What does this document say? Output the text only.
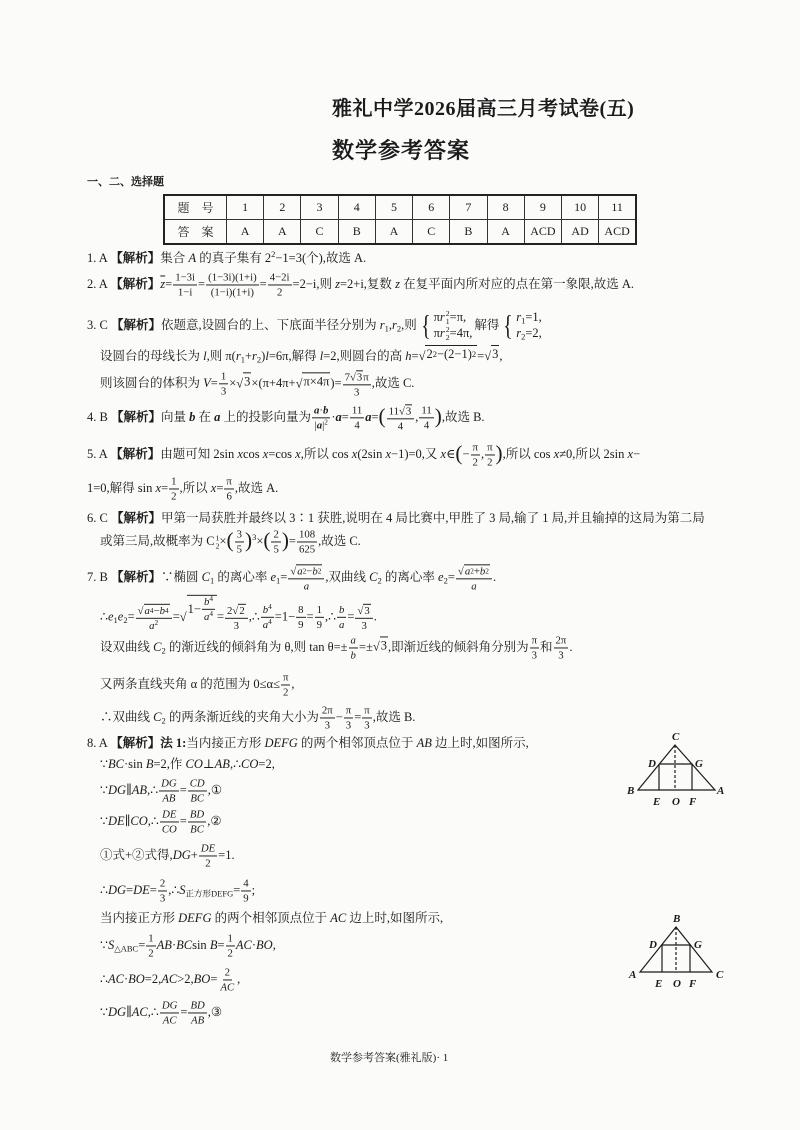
雅礼中学2026届高三月考试卷(五)
数学参考答案
一、二、选择题
题　号	1	2	3	4	5	6	7	8	9	10	11
答　案	A	A	C	B	A	C	B	A	ACD	AD	ACD
1. A 【解析】集合 A 的真子集有 $2^2-1=3$(个),故选 A.
2. A 【解析】$\overline{z}= \frac{1-3i}{1-i} = \frac{(1-3i)(1+i)}{(1-i)(1+i)} = \frac{4-2i}{2} =2-i$,则 z=2+i,复数 z 在复平面内所对应的点在第一象限,故选 A.
3. C 【解析】依题意,设圆台的上、下底面半径分别为 $r_1,r_2$,则
{ πr 2
1 =π,
πr 2
2 =4π,
解得
{ $r_1=1$,
$r_2=2$,
设圆台的母线长为 l,则 $\pi(r_1+r_2)l=6\pi$,解得 l=2,则圆台的高 h= √ 2 2 −(2−1) 2 = √ 3 ,
则该圆台的体积为 $V= \frac{1}{3}$ × √ 3 ×(π+4π+ √ π×4π )= $\frac{7 √ 3 \pi}{3}$ ,故选 C.
4. B 【解析】向量 b 在 a 上的投影向量为 $\frac{a\cdot b}{|a|^2} \cdot a= \frac{11}{4} a=( \frac{11 √ 3}{4}$ , $\frac{11}{4}$ ),故选 B.
5. A 【解析】由题可知 2sin xcos x=cos x,所以 cos x(2sin x−1)=0,又 x∈(− $\frac{\pi}{2}$ , $\frac{\pi}{2}$ ),所以 cos x≠0,所以 2sin x−
1=0,解得 $\sin x= \frac{1}{2}$ ,所以 $x= \frac{\pi}{6}$ ,故选 A.
6. C 【解析】甲第一局获胜并最终以 3∶1 获胜,说明在 4 局比赛中,甲胜了 3 局,输了 1 局,并且输掉的这局为第二局
或第三局,故概率为 C 1
2 ×( $\frac{3}{5} )^3\times( \frac{2}{5}$ )= $\frac{108}{625}$ ,故选 C.
7. B 【解析】∵椭圆 $C_1$ 的离心率 $e_1=$ √ $\frac{a 2 - b 2}{a}$ ,双曲线 $C_2$ 的离心率 $e_2=$ √ $\frac{a 2 + b 2}{a}$ .
$\therefore e_1e_2=$ √ $\frac{a 4 - b 4}{a^2}$ =
√
$1- \frac{b^4}{a^4} = \frac{2 √ 2}{3}$ ,∴ $\frac{b^4}{a^4} =1- \frac{8}{9} = \frac{1}{9}$ ,∴ $\frac{b}{a}$ = √ $\frac{3}{3}$ .
设双曲线 $C_2$ 的渐近线的倾斜角为 θ,则 $\tan \theta=\pm \frac{a}{b}$ =± √ 3 ,即渐近线的倾斜角分别为 $\frac{\pi}{3}$ 和 $\frac{2\pi}{3}$ .
又两条直线夹角 α 的范围为 $0\le\alpha\le \frac{\pi}{2}$ ,
∴双曲线 $C_2$ 的两条渐近线的夹角大小为 $\frac{2\pi}{3} - \frac{\pi}{3} = \frac{\pi}{3}$ ,故选 B.
8. A 【解析】法 1:当内接正方形 DEFG 的两个相邻顶点位于 AB 边上时,如图所示,
∵BC·sin B=2,作 CO⊥AB,∴CO=2,
∵DG∥AB,∴ $\frac{DG}{AB} = \frac{CD}{BC}$ ,①
∵DE∥CO,∴ $\frac{DE}{CO} = \frac{BD}{BC}$ ,②
①式+②式得$,DG+ \frac{DE}{2} =1$.
∴DG=DE= $\frac{2}{3}$ $,\therefore S_{正方形DEFG}= \frac{4}{9}$ ;
当内接正方形 DEFG 的两个相邻顶点位于 AC 边上时,如图所示,
$\because S_{\triangle ABC}= \frac{1}{2} AB\cdot BCsin$ $B= \frac{1}{2} AC\cdot BO$,
∴AC·BO=2,AC>2,BO= $\frac{2}{AC}$ ,
∵DG∥AC,∴ $\frac{DG}{AC} = \frac{BD}{AB}$ ,③
C
D	G
B
E O F
A
B
D	G
A
E O F
C
数学参考答案(雅礼版)· 1
